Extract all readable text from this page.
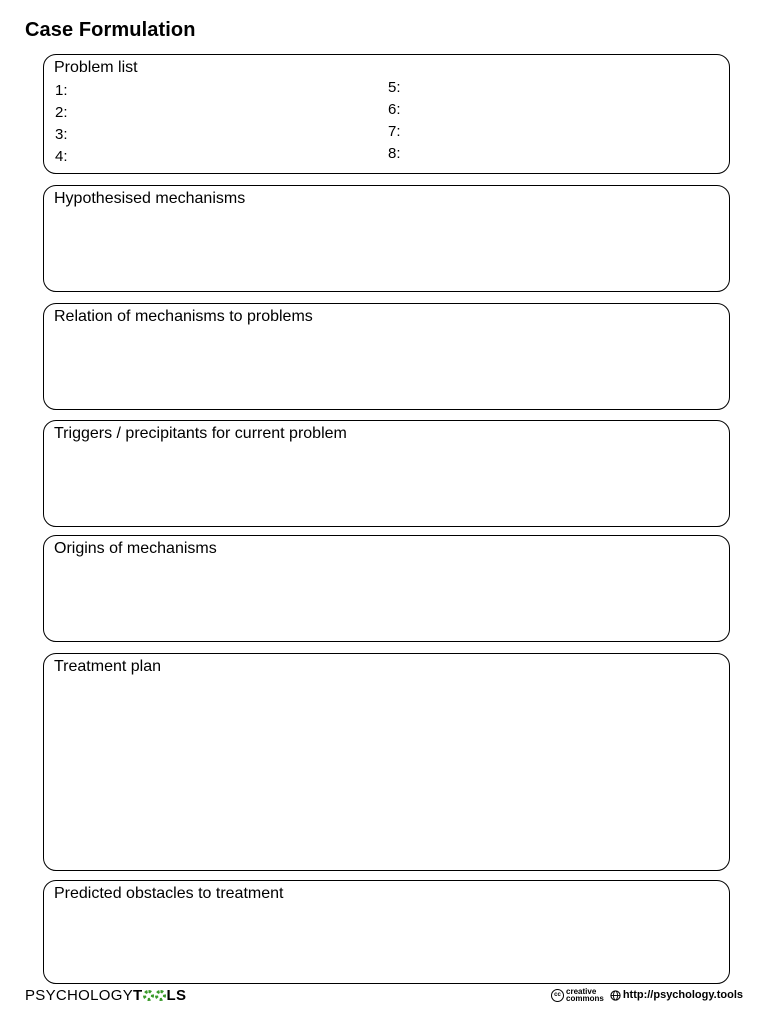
Case Formulation
Problem list
1:
2:
3:
4:
5:
6:
7:
8:
Hypothesised mechanisms
Relation of mechanisms to problems
Triggers / precipitants for current problem
Origins of mechanisms
Treatment plan
Predicted obstacles to treatment
PSYCHOLOGY T LS	cc creative
commons http://psychology.tools
